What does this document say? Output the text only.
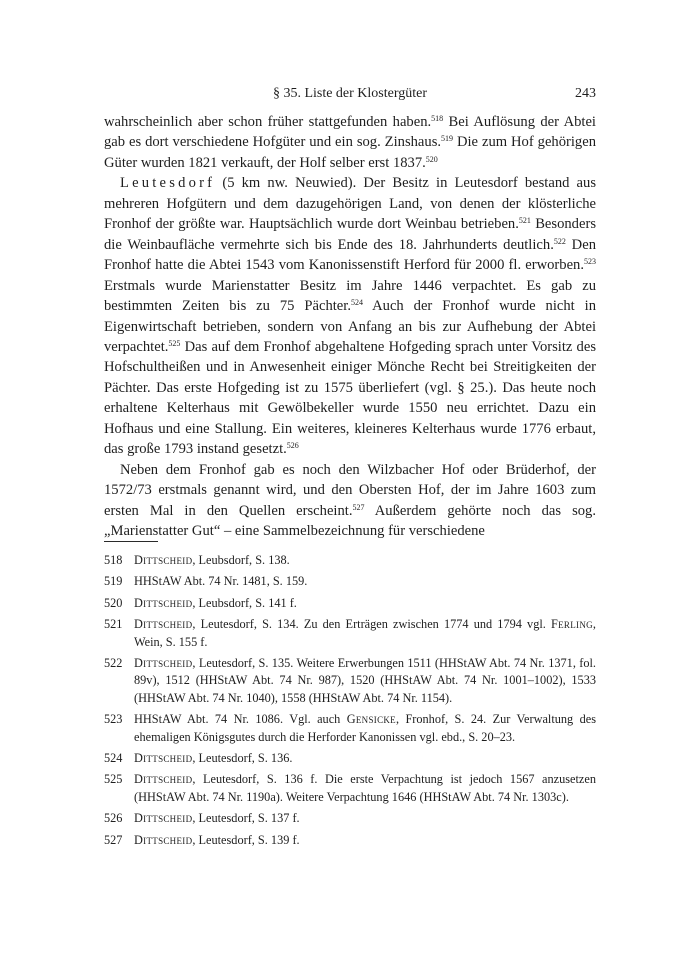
§ 35. Liste der Klostergüter	243

wahrscheinlich aber schon früher stattgefunden haben.$^{518}$ Bei Auflösung der Abtei gab es dort verschiedene Hofgüter und ein sog. Zinshaus.$^{519}$ Die zum Hof gehörigen Güter wurden 1821 verkauft, der Holf selber erst 1837.$^{520}$

Leutesdorf (5 km nw. Neuwied). Der Besitz in Leutesdorf bestand aus mehreren Hofgütern und dem dazugehörigen Land, von denen der klösterliche Fronhof der größte war. Hauptsächlich wurde dort Weinbau betrieben.$^{521}$ Besonders die Weinbaufläche vermehrte sich bis Ende des 18. Jahrhunderts deutlich.$^{522}$ Den Fronhof hatte die Abtei 1543 vom Kanonissenstift Herford für 2000 fl. erworben.$^{523}$ Erstmals wurde Marienstatter Besitz im Jahre 1446 verpachtet. Es gab zu bestimmten Zeiten bis zu 75 Pächter.$^{524}$ Auch der Fronhof wurde nicht in Eigenwirtschaft betrieben, sondern von Anfang an bis zur Aufhebung der Abtei verpachtet.$^{525}$ Das auf dem Fronhof abgehaltene Hofgeding sprach unter Vorsitz des Hofschultheißen und in Anwesenheit einiger Mönche Recht bei Streitigkeiten der Pächter. Das erste Hofgeding ist zu 1575 überliefert (vgl. § 25.). Das heute noch erhaltene Kelterhaus mit Gewölbekeller wurde 1550 neu errichtet. Dazu ein Hofhaus und eine Stallung. Ein weiteres, kleineres Kelterhaus wurde 1776 erbaut, das große 1793 instand gesetzt.$^{526}$

Neben dem Fronhof gab es noch den Wilzbacher Hof oder Brüderhof, der 1572/73 erstmals genannt wird, und den Obersten Hof, der im Jahre 1603 zum ersten Mal in den Quellen erscheint.$^{527}$ Außerdem gehörte noch das sog. „Marienstatter Gut“ – eine Sammelbezeichnung für verschiedene

518 Dittscheid, Leubsdorf, S. 138.
519 HHStAW Abt. 74 Nr. 1481, S. 159.
520 Dittscheid, Leubsdorf, S. 141 f.
521 Dittscheid, Leutesdorf, S. 134. Zu den Erträgen zwischen 1774 und 1794 vgl. Ferling, Wein, S. 155 f.
522 Dittscheid, Leutesdorf, S. 135. Weitere Erwerbungen 1511 (HHStAW Abt. 74 Nr. 1371, fol. 89v), 1512 (HHStAW Abt. 74 Nr. 987), 1520 (HHStAW Abt. 74 Nr. 1001–1002), 1533 (HHStAW Abt. 74 Nr. 1040), 1558 (HHStAW Abt. 74 Nr. 1154).
523 HHStAW Abt. 74 Nr. 1086. Vgl. auch Gensicke, Fronhof, S. 24. Zur Verwaltung des ehemaligen Königsgutes durch die Herforder Kanonissen vgl. ebd., S. 20–23.
524 Dittscheid, Leutesdorf, S. 136.
525 Dittscheid, Leutesdorf, S. 136 f. Die erste Verpachtung ist jedoch 1567 anzusetzen (HHStAW Abt. 74 Nr. 1190a). Weitere Verpachtung 1646 (HHStAW Abt. 74 Nr. 1303c).
526 Dittscheid, Leutesdorf, S. 137 f.
527 Dittscheid, Leutesdorf, S. 139 f.
